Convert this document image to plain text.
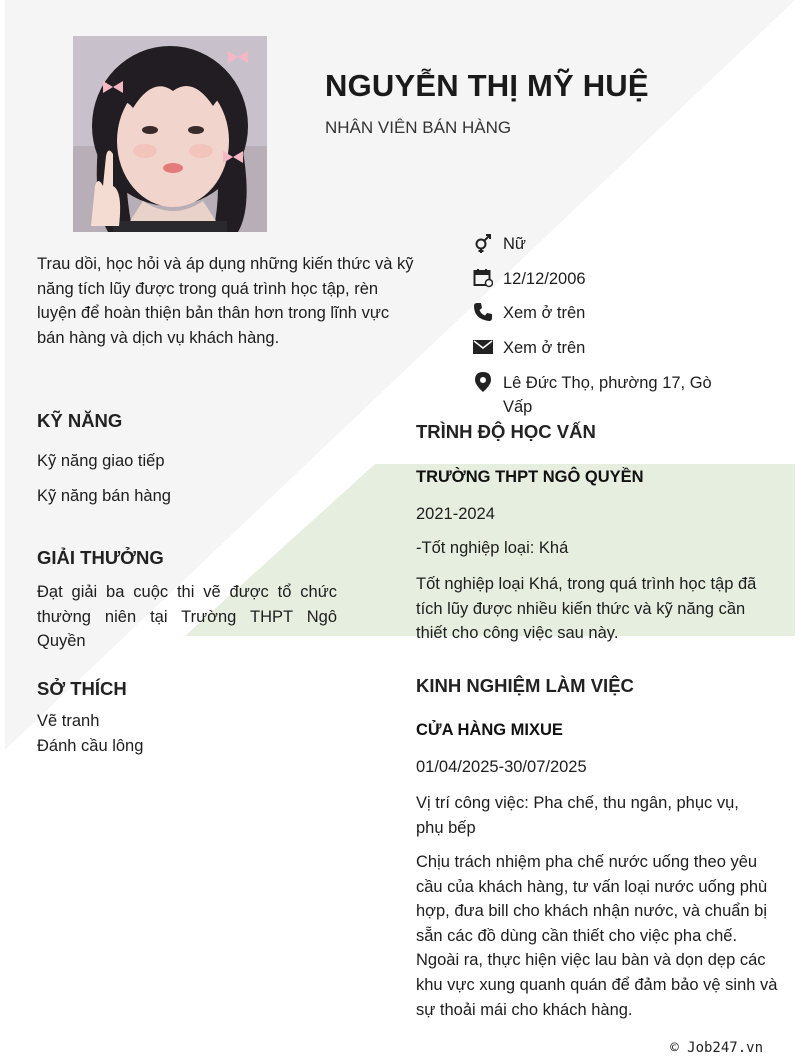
NGUYỄN THỊ MỸ HUỆ
NHÂN VIÊN BÁN HÀNG
Trau dồi, học hỏi và áp dụng những kiến thức và kỹ năng tích lũy được trong quá trình học tập, rèn luyện để hoàn thiện bản thân hơn trong lĩnh vực bán hàng và dịch vụ khách hàng.
Nữ
12/12/2006
Xem ở trên
Xem ở trên
Lê Đức Thọ, phường 17, Gò Vấp
KỸ NĂNG
Kỹ năng giao tiếp
Kỹ năng bán hàng
GIẢI THƯỞNG
Đạt giải ba cuộc thi vẽ được tổ chức thường niên tại Trường THPT Ngô Quyền
SỞ THÍCH
Vẽ tranh
Đánh cầu lông
TRÌNH ĐỘ HỌC VẤN
TRƯỜNG THPT NGÔ QUYỀN
2021-2024
-Tốt nghiệp loại: Khá
Tốt nghiệp loại Khá, trong quá trình học tập đã tích lũy được nhiều kiến thức và kỹ năng cần thiết cho công việc sau này.
KINH NGHIỆM LÀM VIỆC
CỬA HÀNG MIXUE
01/04/2025-30/07/2025
Vị trí công việc: Pha chế, thu ngân, phục vụ, phụ bếp
Chịu trách nhiệm pha chế nước uống theo yêu cầu của khách hàng, tư vấn loại nước uống phù hợp, đưa bill cho khách nhận nước, và chuẩn bị sẵn các đồ dùng cần thiết cho việc pha chế. Ngoài ra, thực hiện việc lau bàn và dọn dẹp các khu vực xung quanh quán để đảm bảo vệ sinh và sự thoải mái cho khách hàng.
© Job247.vn
